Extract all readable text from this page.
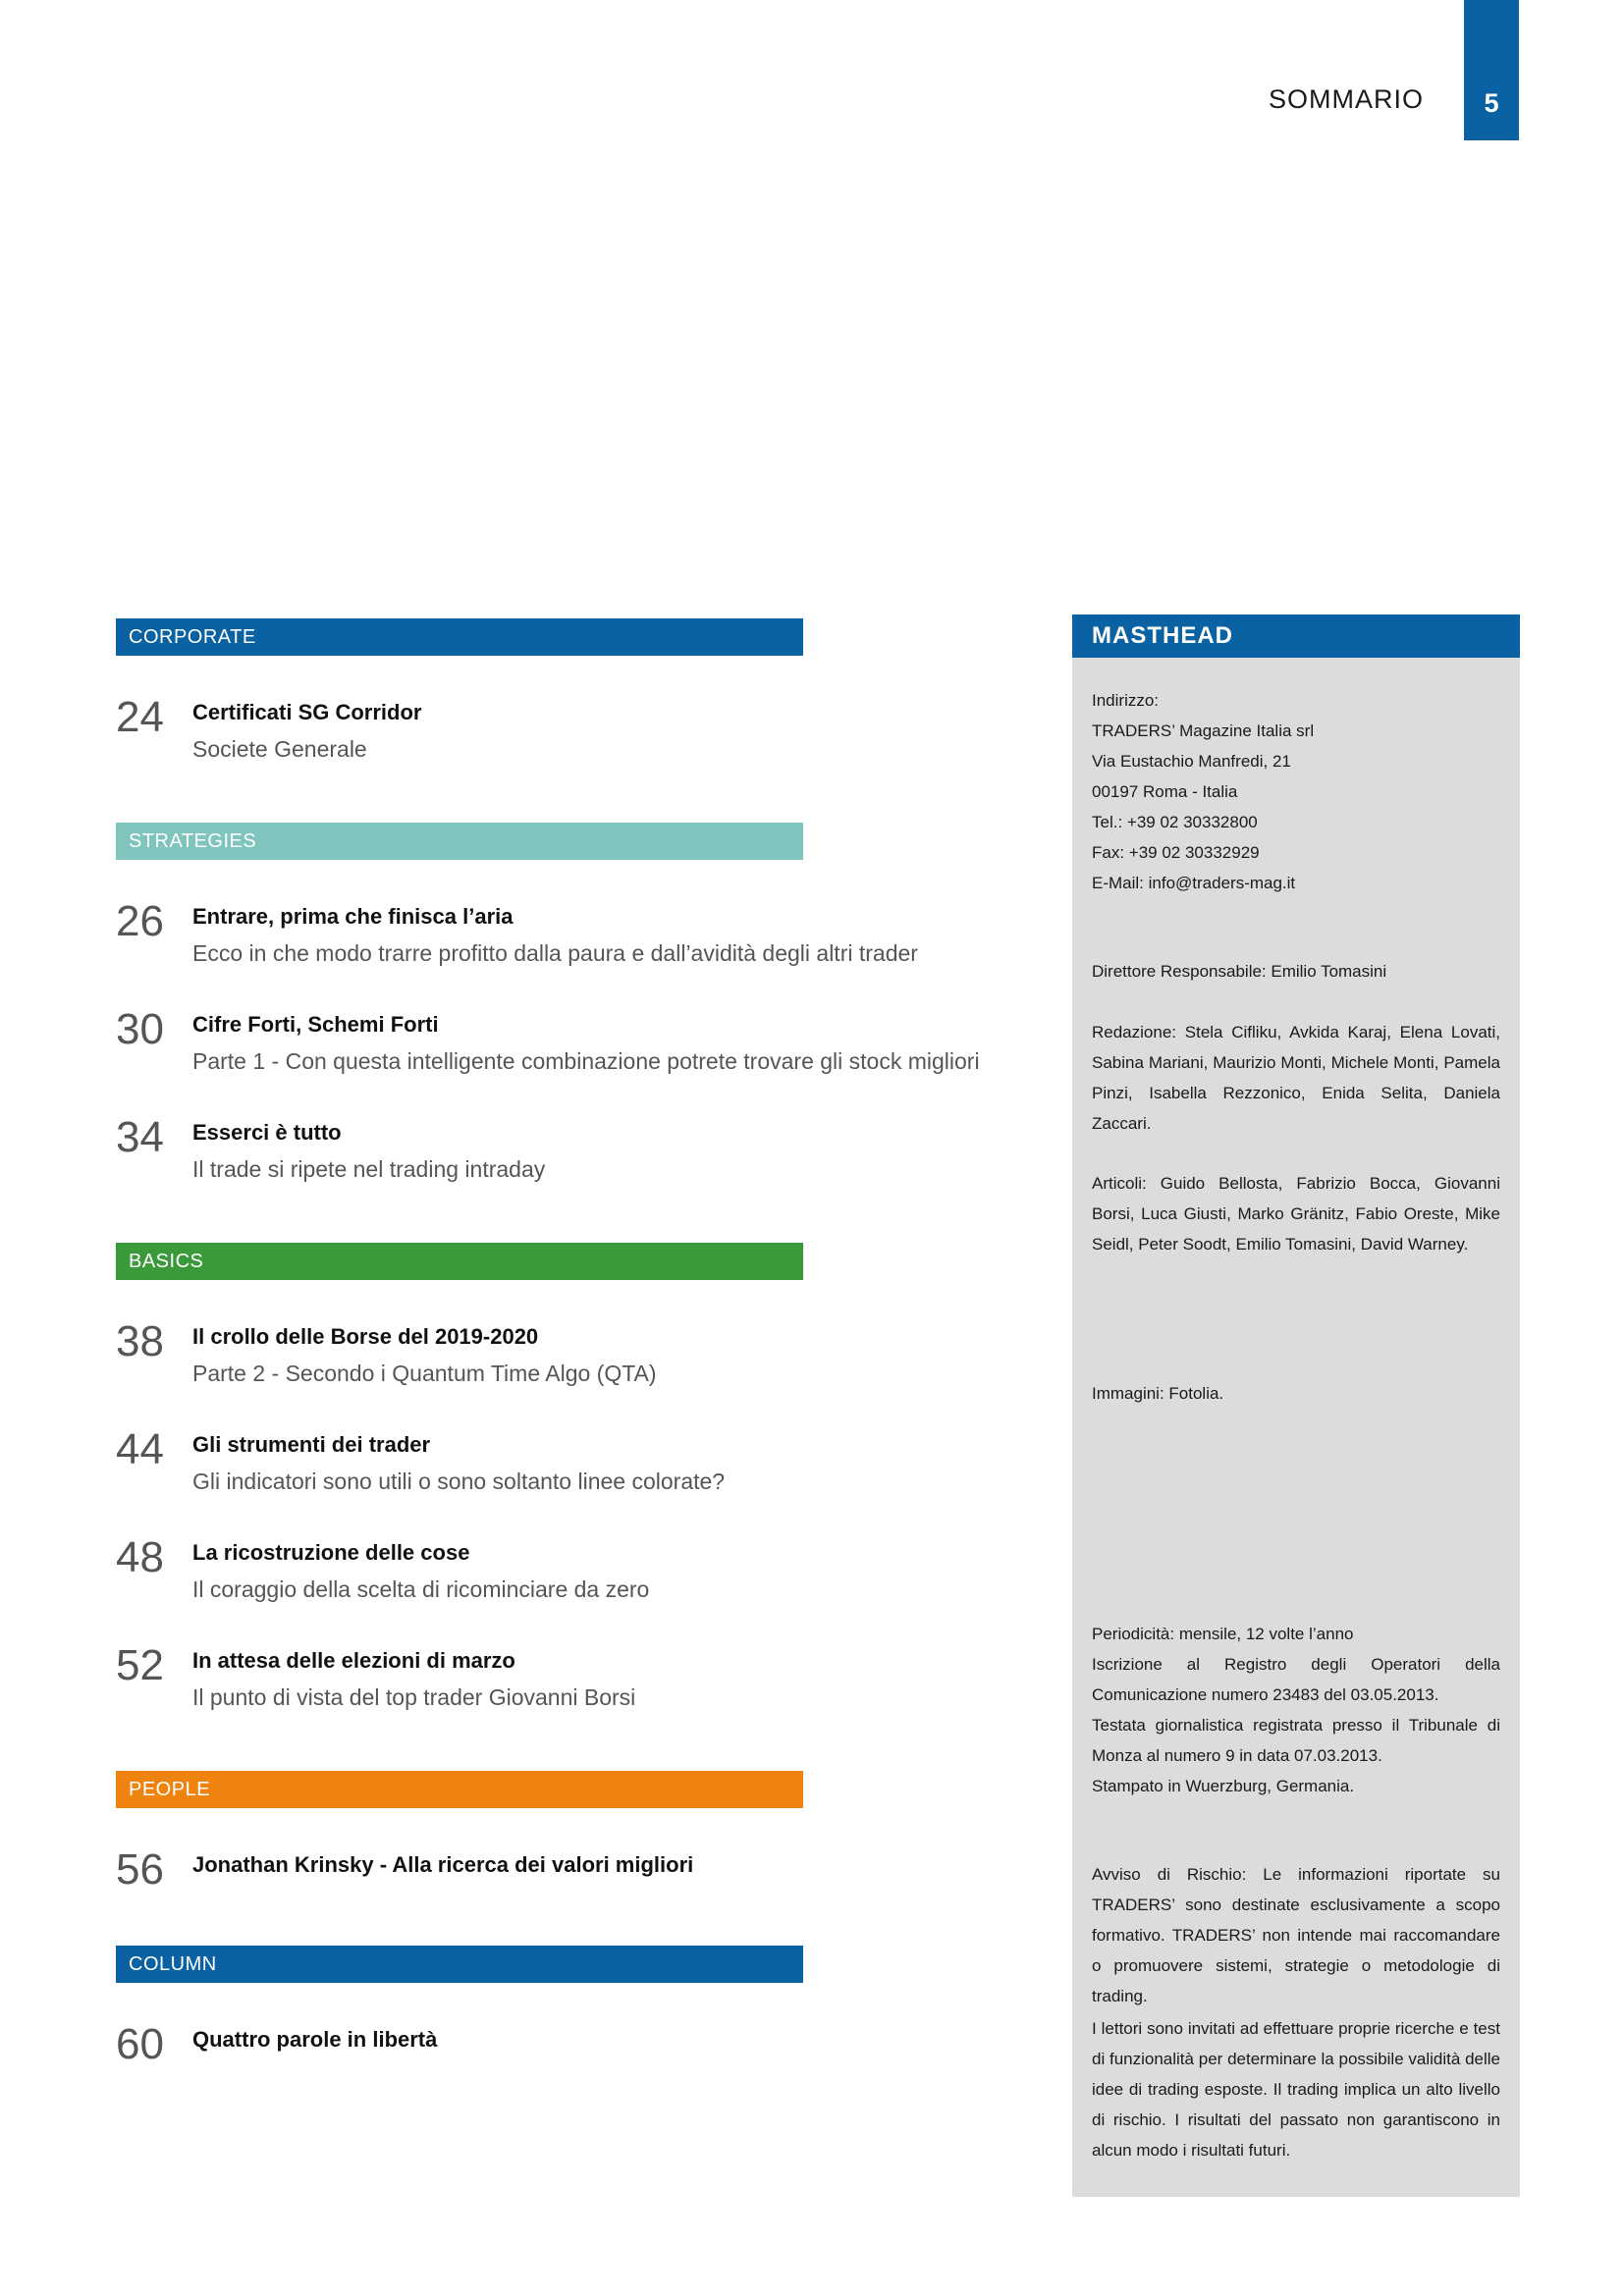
SOMMARIO	5
CORPORATE
24 Certificati SG Corridor
Societe Generale
STRATEGIES
26 Entrare, prima che finisca l’aria
Ecco in che modo trarre profitto dalla paura e dall’avidità degli altri trader
30 Cifre Forti, Schemi Forti
Parte 1 - Con questa intelligente combinazione potrete trovare gli stock migliori
34 Esserci è tutto
Il trade si ripete nel trading intraday
BASICS
38 Il crollo delle Borse del 2019-2020
Parte 2 - Secondo i Quantum Time Algo (QTA)
44 Gli strumenti dei trader
Gli indicatori sono utili o sono soltanto linee colorate?
48 La ricostruzione delle cose
Il coraggio della scelta di ricominciare da zero
52 In attesa delle elezioni di marzo
Il punto di vista del top trader Giovanni Borsi
PEOPLE
56 Jonathan Krinsky - Alla ricerca dei valori migliori
COLUMN
60 Quattro parole in libertà
MASTHEAD

Indirizzo:

TRADERS’ Magazine Italia srl

Via Eustachio Manfredi, 21

00197 Roma - Italia

Tel.: +39 02 30332800

Fax: +39 02 30332929

E-Mail: info@traders-mag.it

Direttore Responsabile: Emilio Tomasini
Redazione: Stela Cifliku, Avkida Karaj, Elena Lovati, Sabina Mariani, Maurizio Monti, Michele Monti, Pamela Pinzi, Isabella Rezzonico, Enida Selita, Daniela Zaccari.
Articoli: Guido Bellosta, Fabrizio Bocca, Giovanni Borsi, Luca Giusti, Marko Gränitz, Fabio Oreste, Mike Seidl, Peter Soodt, Emilio Tomasini, David Warney.
Immagini: Fotolia.

Periodicità: mensile, 12 volte l’anno

Iscrizione al Registro degli Operatori della Comunicazione numero 23483 del 03.05.2013.

Testata giornalistica registrata presso il Tribunale di Monza al numero 9 in data 07.03.2013.

Stampato in Wuerzburg, Germania.

Avviso di Rischio: Le informazioni riportate su TRADERS’ sono destinate esclusivamente a scopo formativo. TRADERS’ non intende mai raccomandare o promuovere sistemi, strategie o metodologie di trading.
I lettori sono invitati ad effettuare proprie ricerche e test di funzionalità per determinare la possibile validità delle idee di trading esposte. Il trading implica un alto livello di rischio. I risultati del passato non garantiscono in alcun modo i risultati futuri.
